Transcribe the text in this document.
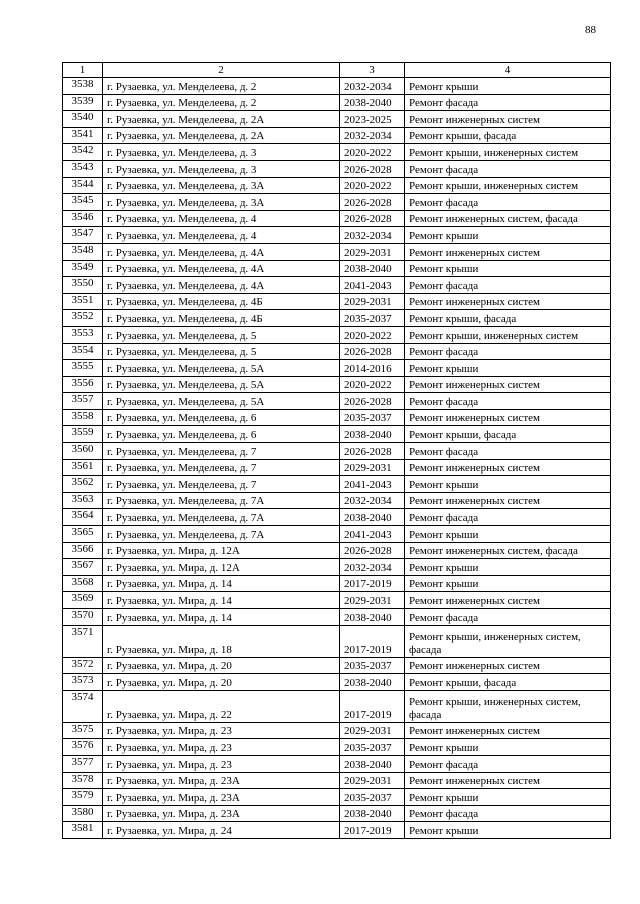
88
1	2	3	4
3538	г. Рузаевка, ул. Менделеева, д. 2	2032-2034	Ремонт крыши
3539	г. Рузаевка, ул. Менделеева, д. 2	2038-2040	Ремонт фасада
3540	г. Рузаевка, ул. Менделеева, д. 2А	2023-2025	Ремонт инженерных систем
3541	г. Рузаевка, ул. Менделеева, д. 2А	2032-2034	Ремонт крыши, фасада
3542	г. Рузаевка, ул. Менделеева, д. 3	2020-2022	Ремонт крыши, инженерных систем
3543	г. Рузаевка, ул. Менделеева, д. 3	2026-2028	Ремонт фасада
3544	г. Рузаевка, ул. Менделеева, д. 3А	2020-2022	Ремонт крыши, инженерных систем
3545	г. Рузаевка, ул. Менделеева, д. 3А	2026-2028	Ремонт фасада
3546	г. Рузаевка, ул. Менделеева, д. 4	2026-2028	Ремонт инженерных систем, фасада
3547	г. Рузаевка, ул. Менделеева, д. 4	2032-2034	Ремонт крыши
3548	г. Рузаевка, ул. Менделеева, д. 4А	2029-2031	Ремонт инженерных систем
3549	г. Рузаевка, ул. Менделеева, д. 4А	2038-2040	Ремонт крыши
3550	г. Рузаевка, ул. Менделеева, д. 4А	2041-2043	Ремонт фасада
3551	г. Рузаевка, ул. Менделеева, д. 4Б	2029-2031	Ремонт инженерных систем
3552	г. Рузаевка, ул. Менделеева, д. 4Б	2035-2037	Ремонт крыши, фасада
3553	г. Рузаевка, ул. Менделеева, д. 5	2020-2022	Ремонт крыши, инженерных систем
3554	г. Рузаевка, ул. Менделеева, д. 5	2026-2028	Ремонт фасада
3555	г. Рузаевка, ул. Менделеева, д. 5А	2014-2016	Ремонт крыши
3556	г. Рузаевка, ул. Менделеева, д. 5А	2020-2022	Ремонт инженерных систем
3557	г. Рузаевка, ул. Менделеева, д. 5А	2026-2028	Ремонт фасада
3558	г. Рузаевка, ул. Менделеева, д. 6	2035-2037	Ремонт инженерных систем
3559	г. Рузаевка, ул. Менделеева, д. 6	2038-2040	Ремонт крыши, фасада
3560	г. Рузаевка, ул. Менделеева, д. 7	2026-2028	Ремонт фасада
3561	г. Рузаевка, ул. Менделеева, д. 7	2029-2031	Ремонт инженерных систем
3562	г. Рузаевка, ул. Менделеева, д. 7	2041-2043	Ремонт крыши
3563	г. Рузаевка, ул. Менделеева, д. 7А	2032-2034	Ремонт инженерных систем
3564	г. Рузаевка, ул. Менделеева, д. 7А	2038-2040	Ремонт фасада
3565	г. Рузаевка, ул. Менделеева, д. 7А	2041-2043	Ремонт крыши
3566	г. Рузаевка, ул. Мира, д. 12А	2026-2028	Ремонт инженерных систем, фасада
3567	г. Рузаевка, ул. Мира, д. 12А	2032-2034	Ремонт крыши
3568	г. Рузаевка, ул. Мира, д. 14	2017-2019	Ремонт крыши
3569	г. Рузаевка, ул. Мира, д. 14	2029-2031	Ремонт инженерных систем
3570	г. Рузаевка, ул. Мира, д. 14	2038-2040	Ремонт фасада
3571	г. Рузаевка, ул. Мира, д. 18	2017-2019	Ремонт крыши, инженерных систем, фасада
3572	г. Рузаевка, ул. Мира, д. 20	2035-2037	Ремонт инженерных систем
3573	г. Рузаевка, ул. Мира, д. 20	2038-2040	Ремонт крыши, фасада
3574	г. Рузаевка, ул. Мира, д. 22	2017-2019	Ремонт крыши, инженерных систем, фасада
3575	г. Рузаевка, ул. Мира, д. 23	2029-2031	Ремонт инженерных систем
3576	г. Рузаевка, ул. Мира, д. 23	2035-2037	Ремонт крыши
3577	г. Рузаевка, ул. Мира, д. 23	2038-2040	Ремонт фасада
3578	г. Рузаевка, ул. Мира, д. 23А	2029-2031	Ремонт инженерных систем
3579	г. Рузаевка, ул. Мира, д. 23А	2035-2037	Ремонт крыши
3580	г. Рузаевка, ул. Мира, д. 23А	2038-2040	Ремонт фасада
3581	г. Рузаевка, ул. Мира, д. 24	2017-2019	Ремонт крыши
